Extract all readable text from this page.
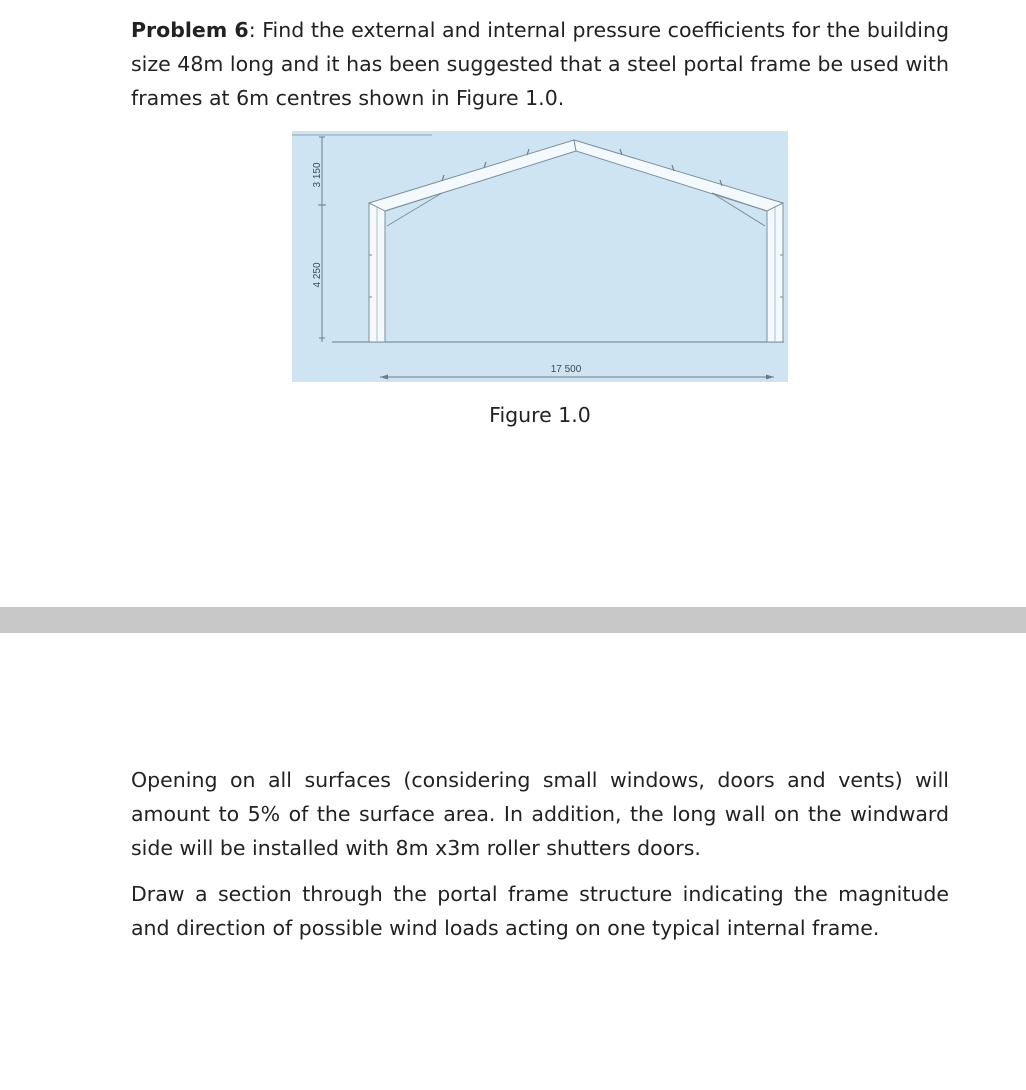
Problem 6: Find the external and internal pressure coefficients for the building size 48m long and it has been suggested that a steel portal frame be used with frames at 6m centres shown in Figure 1.0.

3 150
4 250
17 500
Figure 1.0

Opening on all surfaces (considering small windows, doors and vents) will amount to 5% of the surface area. In addition, the long wall on the windward side will be installed with 8m x3m roller shutters doors.

Draw a section through the portal frame structure indicating the magnitude and direction of possible wind loads acting on one typical internal frame.
